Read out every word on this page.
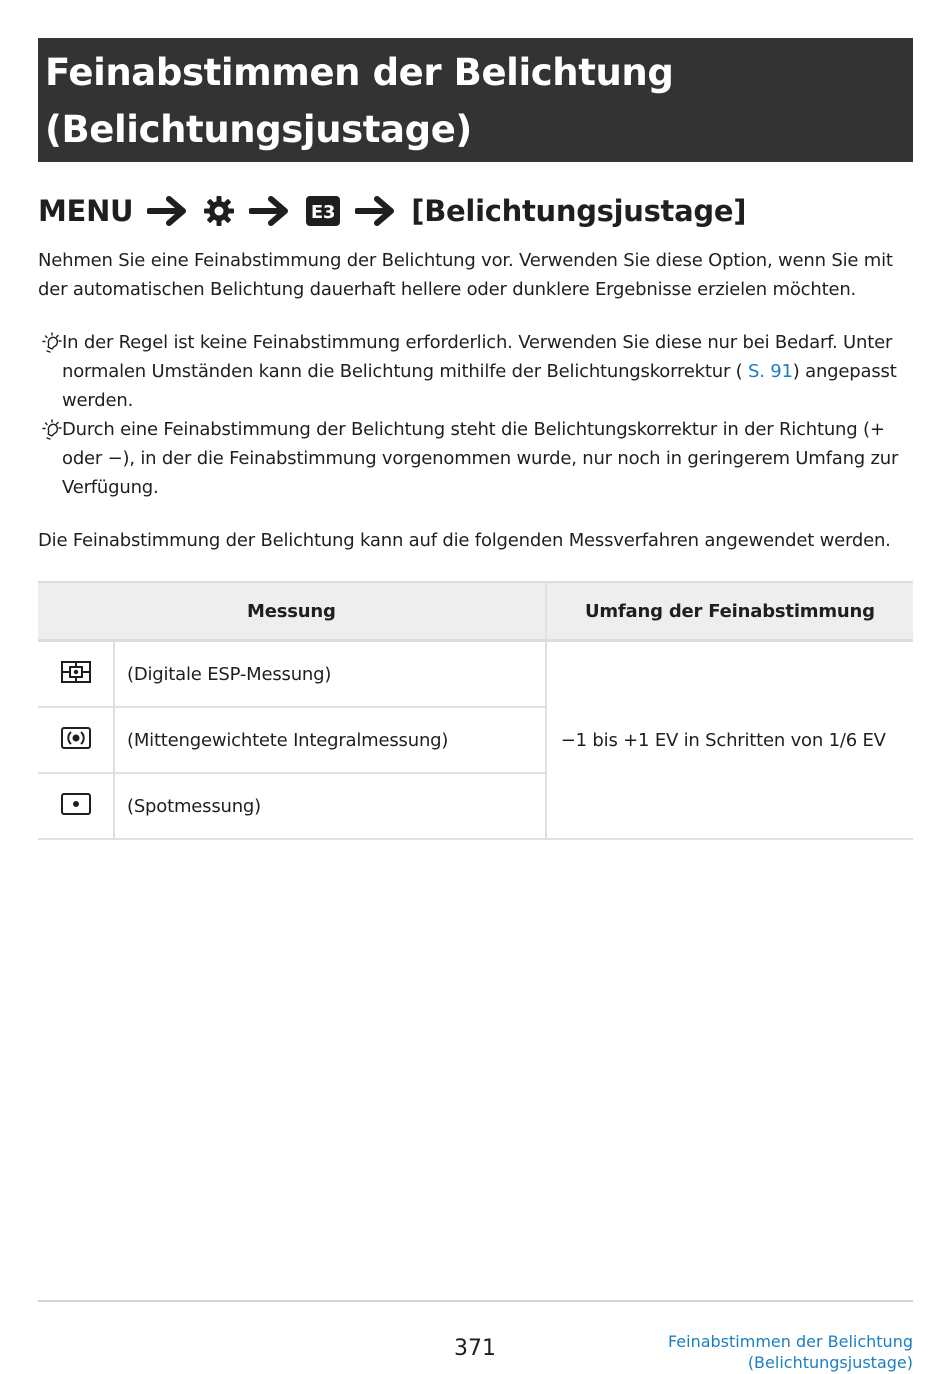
Feinabstimmen der Belichtung
(Belichtungsjustage)
MENU	E3	[Belichtungsjustage]
Nehmen Sie eine Feinabstimmung der Belichtung vor. Verwenden Sie diese Option, wenn Sie mit der automatischen Belichtung dauerhaft hellere oder dunklere Ergebnisse erzielen möchten.
In der Regel ist keine Feinabstimmung erforderlich. Verwenden Sie diese nur bei Bedarf. Unter normalen Umständen kann die Belichtung mithilfe der Belichtungskorrektur ( S. 91) angepasst werden.
Durch eine Feinabstimmung der Belichtung steht die Belichtungskorrektur in der Richtung (+ oder −), in der die Feinabstimmung vorgenommen wurde, nur noch in geringerem Umfang zur Verfügung.
Die Feinabstimmung der Belichtung kann auf die folgenden Messverfahren angewendet werden.
Messung		Umfang der Feinabstimmung
	(Digitale ESP-Messung)	−1 bis +1 EV in Schritten von 1/6 EV
	(Mittengewichtete Integralmessung)	
	(Spotmessung)	
371	Feinabstimmen der Belichtung
(Belichtungsjustage)
